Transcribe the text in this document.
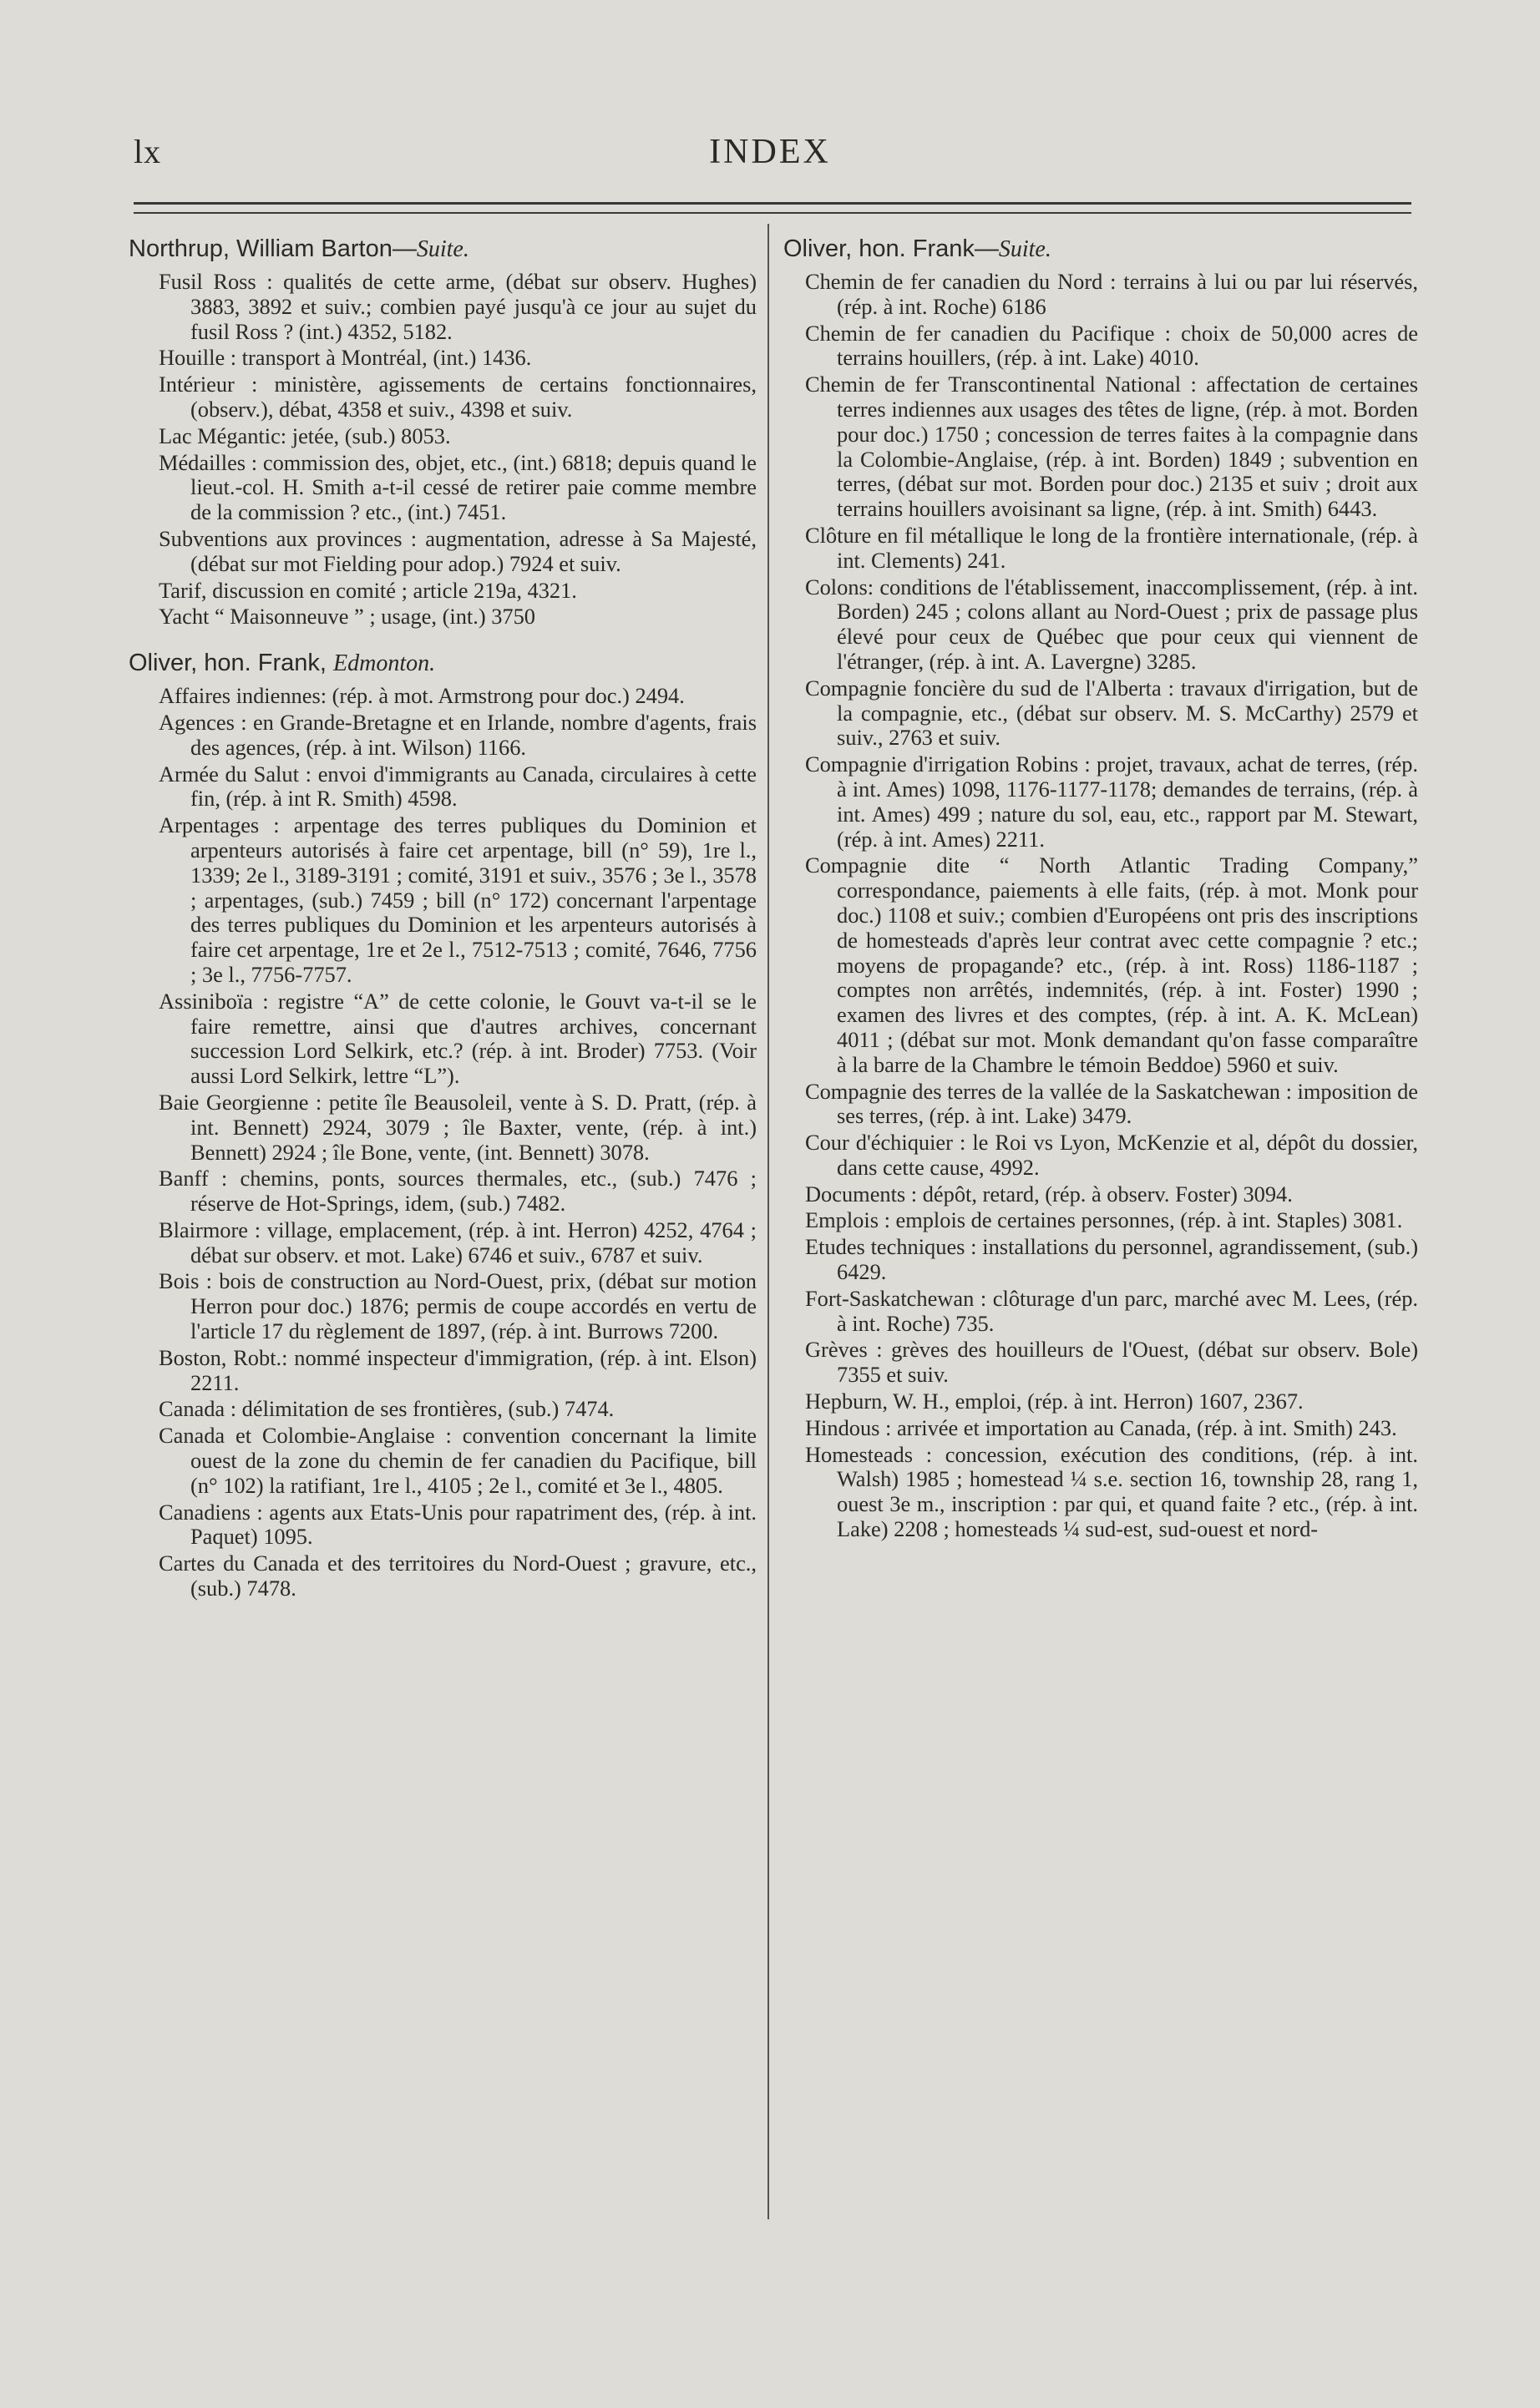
lx	INDEX
Northrup, William Barton—Suite.

Fusil Ross : qualités de cette arme, (débat sur observ. Hughes) 3883, 3892 et suiv.; combien payé jusqu'à ce jour au sujet du fusil Ross ? (int.) 4352, 5182.

Houille : transport à Montréal, (int.) 1436.

Intérieur : ministère, agissements de certains fonctionnaires, (observ.), débat, 4358 et suiv., 4398 et suiv.

Lac Mégantic: jetée, (sub.) 8053.

Médailles : commission des, objet, etc., (int.) 6818; depuis quand le lieut.-col. H. Smith a-t-il cessé de retirer paie comme membre de la commission ? etc., (int.) 7451.

Subventions aux provinces : augmentation, adresse à Sa Majesté, (débat sur mot Fielding pour adop.) 7924 et suiv.

Tarif, discussion en comité ; article 219a, 4321.

Yacht “ Maisonneuve ” ; usage, (int.) 3750

Oliver, hon. Frank, Edmonton.

Affaires indiennes: (rép. à mot. Armstrong pour doc.) 2494.

Agences : en Grande-Bretagne et en Irlande, nombre d'agents, frais des agences, (rép. à int. Wilson) 1166.

Armée du Salut : envoi d'immigrants au Canada, circulaires à cette fin, (rép. à int R. Smith) 4598.

Arpentages : arpentage des terres publiques du Dominion et arpenteurs autorisés à faire cet arpentage, bill (n° 59), 1re l., 1339; 2e l., 3189-3191 ; comité, 3191 et suiv., 3576 ; 3e l., 3578 ; arpentages, (sub.) 7459 ; bill (n° 172) concernant l'arpentage des terres publiques du Dominion et les arpenteurs autorisés à faire cet arpentage, 1re et 2e l., 7512-7513 ; comité, 7646, 7756 ; 3e l., 7756-7757.

Assiniboïa : registre “A” de cette colonie, le Gouvt va-t-il se le faire remettre, ainsi que d'autres archives, concernant succession Lord Selkirk, etc.? (rép. à int. Broder) 7753. (Voir aussi Lord Selkirk, lettre “L”).

Baie Georgienne : petite île Beausoleil, vente à S. D. Pratt, (rép. à int. Bennett) 2924, 3079 ; île Baxter, vente, (rép. à int.) Bennett) 2924 ; île Bone, vente, (int. Bennett) 3078.

Banff : chemins, ponts, sources thermales, etc., (sub.) 7476 ; réserve de Hot-Springs, idem, (sub.) 7482.

Blairmore : village, emplacement, (rép. à int. Herron) 4252, 4764 ; débat sur observ. et mot. Lake) 6746 et suiv., 6787 et suiv.

Bois : bois de construction au Nord-Ouest, prix, (débat sur motion Herron pour doc.) 1876; permis de coupe accordés en vertu de l'article 17 du règlement de 1897, (rép. à int. Burrows 7200.

Boston, Robt.: nommé inspecteur d'immigration, (rép. à int. Elson) 2211.

Canada : délimitation de ses frontières, (sub.) 7474.

Canada et Colombie-Anglaise : convention concernant la limite ouest de la zone du chemin de fer canadien du Pacifique, bill (n° 102) la ratifiant, 1re l., 4105 ; 2e l., comité et 3e l., 4805.

Canadiens : agents aux Etats-Unis pour rapatriment des, (rép. à int. Paquet) 1095.

Cartes du Canada et des territoires du Nord-Ouest ; gravure, etc., (sub.) 7478.

Oliver, hon. Frank—Suite.

Chemin de fer canadien du Nord : terrains à lui ou par lui réservés, (rép. à int. Roche) 6186

Chemin de fer canadien du Pacifique : choix de 50,000 acres de terrains houillers, (rép. à int. Lake) 4010.

Chemin de fer Transcontinental National : affectation de certaines terres indiennes aux usages des têtes de ligne, (rép. à mot. Borden pour doc.) 1750 ; concession de terres faites à la compagnie dans la Colombie-Anglaise, (rép. à int. Borden) 1849 ; subvention en terres, (débat sur mot. Borden pour doc.) 2135 et suiv ; droit aux terrains houillers avoisinant sa ligne, (rép. à int. Smith) 6443.

Clôture en fil métallique le long de la frontière internationale, (rép. à int. Clements) 241.

Colons: conditions de l'établissement, inaccomplissement, (rép. à int. Borden) 245 ; colons allant au Nord-Ouest ; prix de passage plus élevé pour ceux de Québec que pour ceux qui viennent de l'étranger, (rép. à int. A. Lavergne) 3285.

Compagnie foncière du sud de l'Alberta : travaux d'irrigation, but de la compagnie, etc., (débat sur observ. M. S. McCarthy) 2579 et suiv., 2763 et suiv.

Compagnie d'irrigation Robins : projet, travaux, achat de terres, (rép. à int. Ames) 1098, 1176-1177-1178; demandes de terrains, (rép. à int. Ames) 499 ; nature du sol, eau, etc., rapport par M. Stewart, (rép. à int. Ames) 2211.

Compagnie dite “ North Atlantic Trading Company,” correspondance, paiements à elle faits, (rép. à mot. Monk pour doc.) 1108 et suiv.; combien d'Européens ont pris des inscriptions de homesteads d'après leur contrat avec cette compagnie ? etc.; moyens de propagande? etc., (rép. à int. Ross) 1186-1187 ; comptes non arrêtés, indemnités, (rép. à int. Foster) 1990 ; examen des livres et des comptes, (rép. à int. A. K. McLean) 4011 ; (débat sur mot. Monk demandant qu'on fasse comparaître à la barre de la Chambre le témoin Beddoe) 5960 et suiv.

Compagnie des terres de la vallée de la Saskatchewan : imposition de ses terres, (rép. à int. Lake) 3479.

Cour d'échiquier : le Roi vs Lyon, McKenzie et al, dépôt du dossier, dans cette cause, 4992.

Documents : dépôt, retard, (rép. à observ. Foster) 3094.

Emplois : emplois de certaines personnes, (rép. à int. Staples) 3081.

Etudes techniques : installations du personnel, agrandissement, (sub.) 6429.

Fort-Saskatchewan : clôturage d'un parc, marché avec M. Lees, (rép. à int. Roche) 735.

Grèves : grèves des houilleurs de l'Ouest, (débat sur observ. Bole) 7355 et suiv.

Hepburn, W. H., emploi, (rép. à int. Herron) 1607, 2367.

Hindous : arrivée et importation au Canada, (rép. à int. Smith) 243.

Homesteads : concession, exécution des conditions, (rép. à int. Walsh) 1985 ; homestead ¼ s.e. section 16, township 28, rang 1, ouest 3e m., inscription : par qui, et quand faite ? etc., (rép. à int. Lake) 2208 ; homesteads ¼ sud-est, sud-ouest et nord-
